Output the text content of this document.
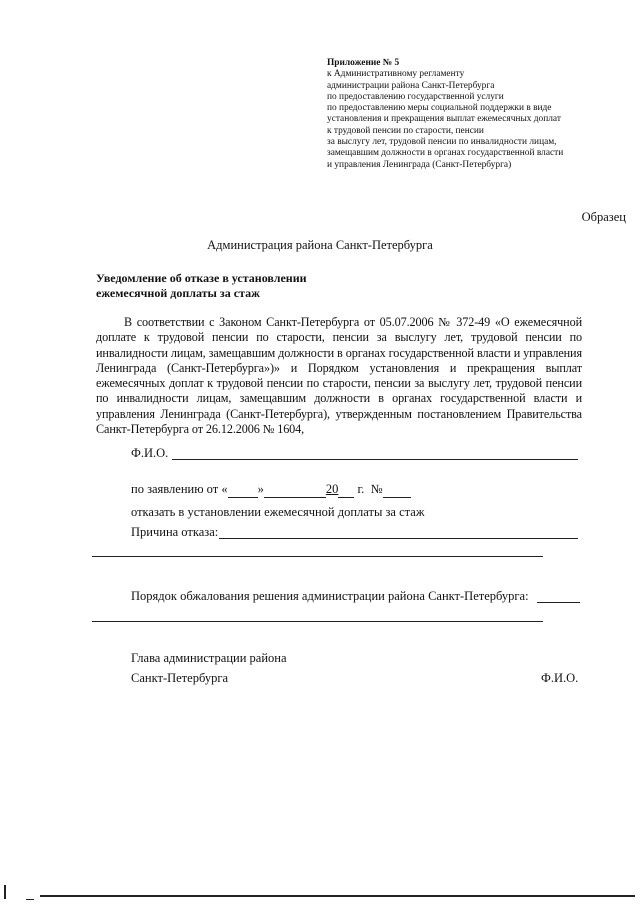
Приложение № 5
к Административному регламенту
администрации района Санкт-Петербурга
по предоставлению государственной услуги
по предоставлению меры социальной поддержки в виде
установления и прекращения выплат ежемесячных доплат
к трудовой пенсии по старости, пенсии
за выслугу лет, трудовой пенсии по инвалидности лицам,
замещавшим должности в органах государственной власти
и управления Ленинграда (Санкт-Петербурга)
Образец
Администрация района Санкт-Петербурга
Уведомление об отказе в установлении
ежемесячной доплаты за стаж
В соответствии с Законом Санкт-Петербурга от 05.07.2006 № 372-49 «О ежемесячной доплате к трудовой пенсии по старости, пенсии за выслугу лет, трудовой пенсии по инвалидности лицам, замещавшим должности в органах государственной власти и управления Ленинграда (Санкт-Петербурга»)» и Порядком установления и прекращения выплат ежемесячных доплат к трудовой пенсии по старости, пенсии за выслугу лет, трудовой пенсии по инвалидности лицам, замещавшим должности в органах государственной власти и управления Ленинграда (Санкт-Петербурга), утвержденным постановлением Правительства Санкт-Петербурга от 26.12.2006 № 1604,
Ф.И.О.
по заявлению от « »	20 г. №
отказать в установлении ежемесячной доплаты за стаж
Причина отказа:
Порядок обжалования решения администрации района Санкт-Петербурга:
Глава администрации района
Санкт-Петербурга	Ф.И.О.
